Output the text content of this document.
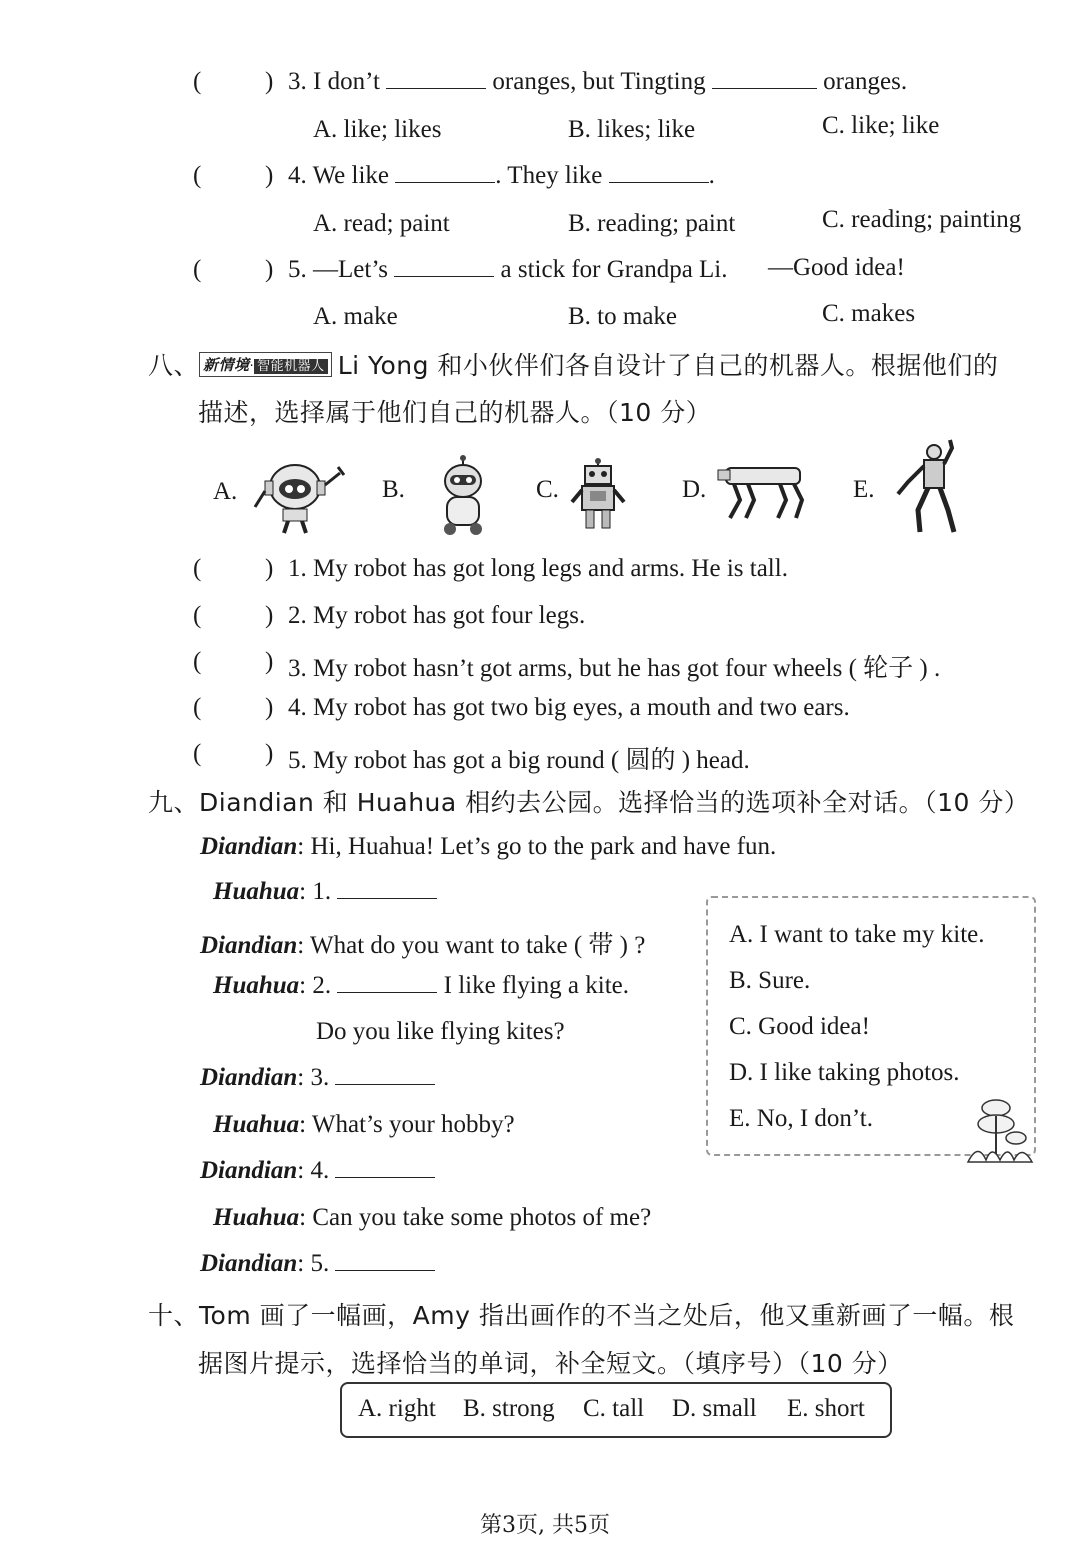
(	) 3. I don’t	oranges, but Tingting	oranges.
A. like; likes	B. likes; like	C. like; like
(	) 4. We like	. They like	.
A. read; paint	B. reading; paint	C. reading; painting
(	) 5. —Let’s	a stick for Grandpa Li. —Good idea!
A. make	B. to make	C. makes
八、 新情境· 智能机器人 Li Yong 和小伙伴们各自设计了自己的机器人。根据他们的
描述，选择属于他们自己的机器人。（10 分）
A.	B.	C.	D.	E.
(	) 1. My robot has got long legs and arms. He is tall.
(	) 2. My robot has got four legs.
(	) 3. My robot hasn’t got arms, but he has got four wheels ( 轮子 ) .
(	) 4. My robot has got two big eyes, a mouth and two ears.
(	) 5. My robot has got a big round ( 圆的 ) head.
九、Diandian 和 Huahua 相约去公园。选择恰当的选项补全对话。（10 分）
Diandian: Hi, Huahua! Let’s go to the park and have fun.
Huahua: 1.
Diandian: What do you want to take ( 带 ) ?
Huahua: 2.	I like flying a kite.
Do you like flying kites?
Diandian: 3.
Huahua: What’s your hobby?
Diandian: 4.
Huahua: Can you take some photos of me?
Diandian: 5.
A. I want to take my kite.
B. Sure.
C. Good idea!
D. I like taking photos.
E. No, I don’t.
十、Tom 画了一幅画，Amy 指出画作的不当之处后，他又重新画了一幅。根
据图片提示，选择恰当的单词，补全短文。（填序号）（10 分）
A. right B. strong C. tall D. small E. short
第3页, 共5页
